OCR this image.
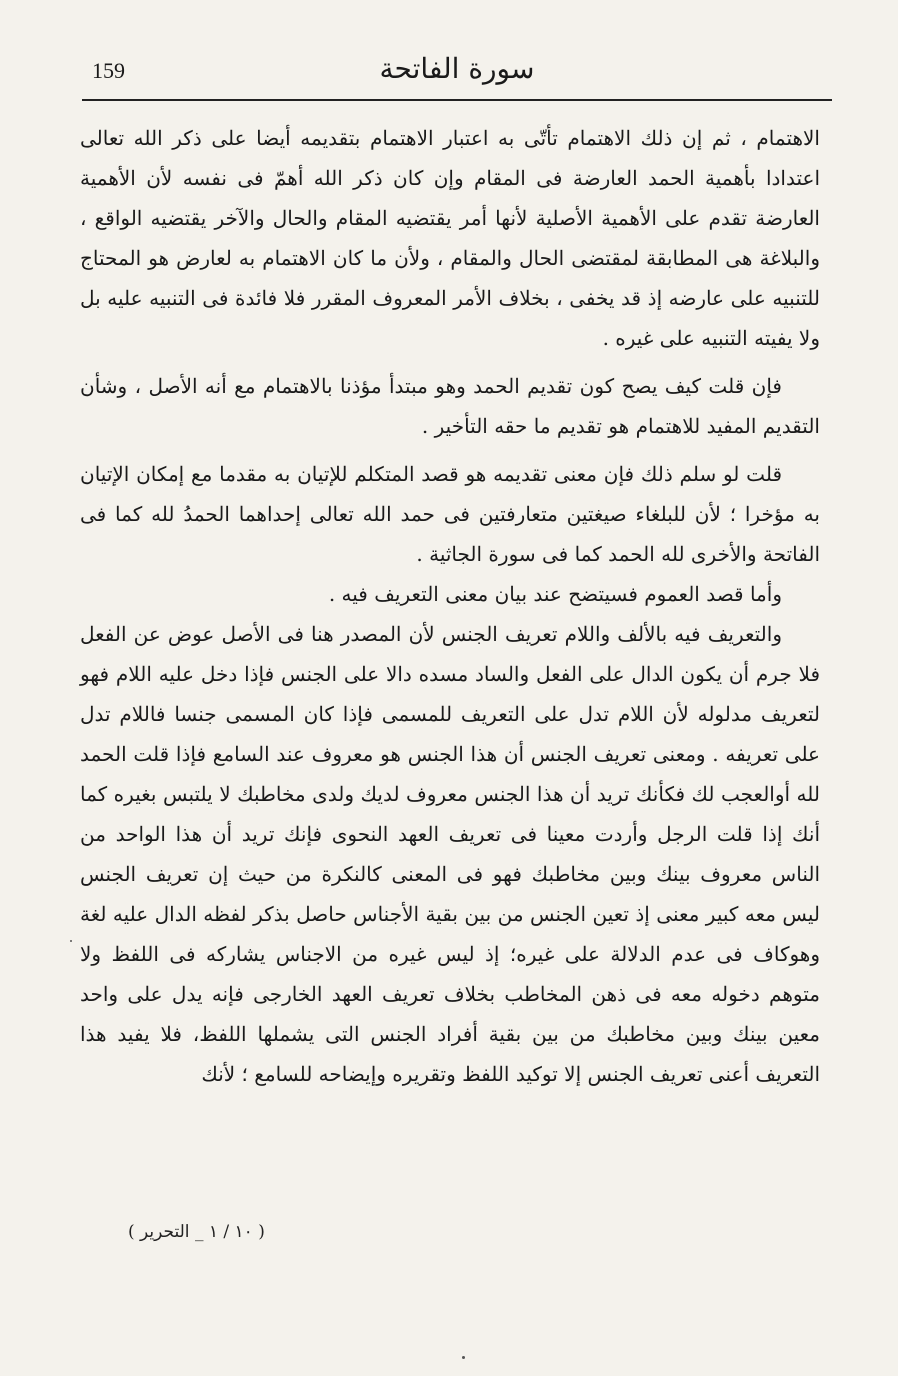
159	سورة الفاتحة

الاهتمام ، ثم إن ذلك الاهتمام تأتّى به اعتبار الاهتمام بتقديمه أيضا على ذكر الله تعالى اعتدادا بأهمية الحمد العارضة فى المقام وإن كان ذكر الله أهمّ فى نفسه لأن الأهمية العارضة تقدم على الأهمية الأصلية لأنها أمر يقتضيه المقام والحال والآخر يقتضيه الواقع ، والبلاغة هى المطابقة لمقتضى الحال والمقام ، ولأن ما كان الاهتمام به لعارض هو المحتاج للتنبيه على عارضه إذ قد يخفى ، بخلاف الأمر المعروف المقرر فلا فائدة فى التنبيه عليه بل ولا يفيته التنبيه على غيره .

فإن قلت كيف يصح كون تقديم الحمد وهو مبتدأ مؤذنا بالاهتمام مع أنه الأصل ، وشأن التقديم المفيد للاهتمام هو تقديم ما حقه التأخير .

قلت لو سلم ذلك فإن معنى تقديمه هو قصد المتكلم للإتيان به مقدما مع إمكان الإتيان به مؤخرا ؛ لأن للبلغاء صيغتين متعارفتين فى حمد الله تعالى إحداهما الحمدُ لله كما فى الفاتحة والأخرى لله الحمد كما فى سورة الجاثية .

وأما قصد العموم فسيتضح عند بيان معنى التعريف فيه .

والتعريف فيه بالألف واللام تعريف الجنس لأن المصدر هنا فى الأصل عوض عن الفعل فلا جرم أن يكون الدال على الفعل والساد مسده دالا على الجنس فإذا دخل عليه اللام فهو لتعريف مدلوله لأن اللام تدل على التعريف للمسمى فإذا كان المسمى جنسا فاللام تدل على تعريفه . ومعنى تعريف الجنس أن هذا الجنس هو معروف عند السامع فإذا قلت الحمد لله أوالعجب لك فكأنك تريد أن هذا الجنس معروف لديك ولدى مخاطبك لا يلتبس بغيره كما أنك إذا قلت الرجل وأردت معينا فى تعريف العهد النحوى فإنك تريد أن هذا الواحد من الناس معروف بينك وبين مخاطبك فهو فى المعنى كالنكرة من حيث إن تعريف الجنس ليس معه كبير معنى إذ تعين الجنس من بين بقية الأجناس حاصل بذكر لفظه الدال عليه لغة وهوكاف فى عدم الدلالة على غيره؛ إذ ليس غيره من الاجناس يشاركه فى اللفظ ولا متوهم دخوله معه فى ذهن المخاطب بخلاف تعريف العهد الخارجى فإنه يدل على واحد معين بينك وبين مخاطبك من بين بقية أفراد الجنس التى يشملها اللفظ، فلا يفيد هذا التعريف أعنى تعريف الجنس إلا توكيد اللفظ وتقريره وإيضاحه للسامع ؛ لأنك

( ١٠ / ١ _ التحرير )
